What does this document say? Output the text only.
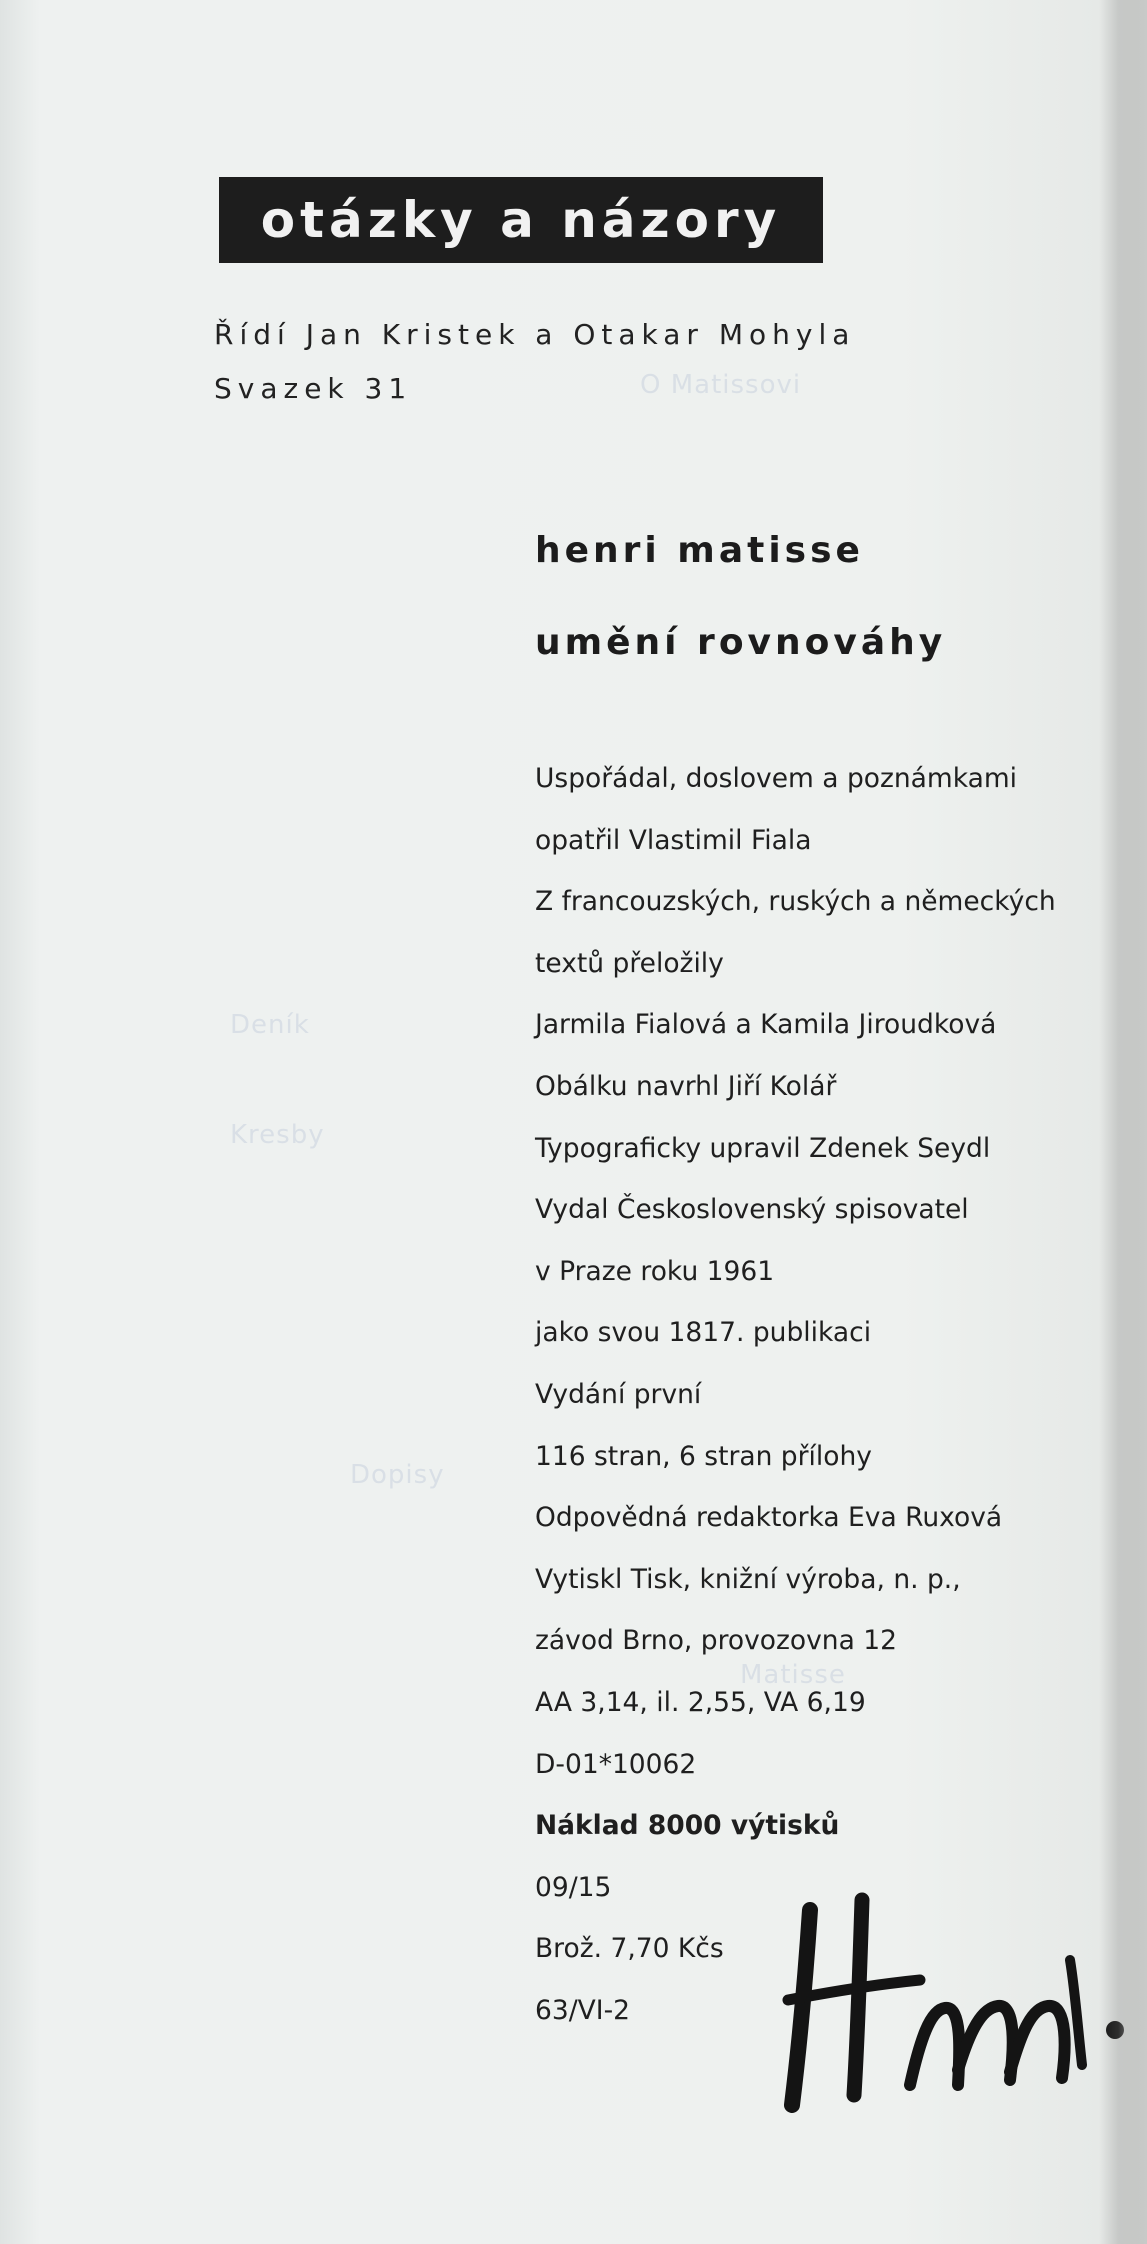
O Matissovi
Deník
Kresby
Dopisy
Matisse
otázky a názory
Řídí Jan Kristek a Otakar Mohyla
Svazek 31
henri matisse
umění rovnováhy
Uspořádal, doslovem a poznámkami
opatřil Vlastimil Fiala
Z francouzských, ruských a německých
textů přeložily
Jarmila Fialová a Kamila Jiroudková
Obálku navrhl Jiří Kolář
Typograficky upravil Zdenek Seydl
Vydal Československý spisovatel
v Praze roku 1961
jako svou 1817. publikaci
Vydání první
116 stran, 6 stran přílohy
Odpovědná redaktorka Eva Ruxová
Vytiskl Tisk, knižní výroba, n. p.,
závod Brno, provozovna 12
AA 3,14, il. 2,55, VA 6,19
D-01*10062
Náklad 8000 výtisků
09/15
Brož. 7,70 Kčs
63/VI-2
